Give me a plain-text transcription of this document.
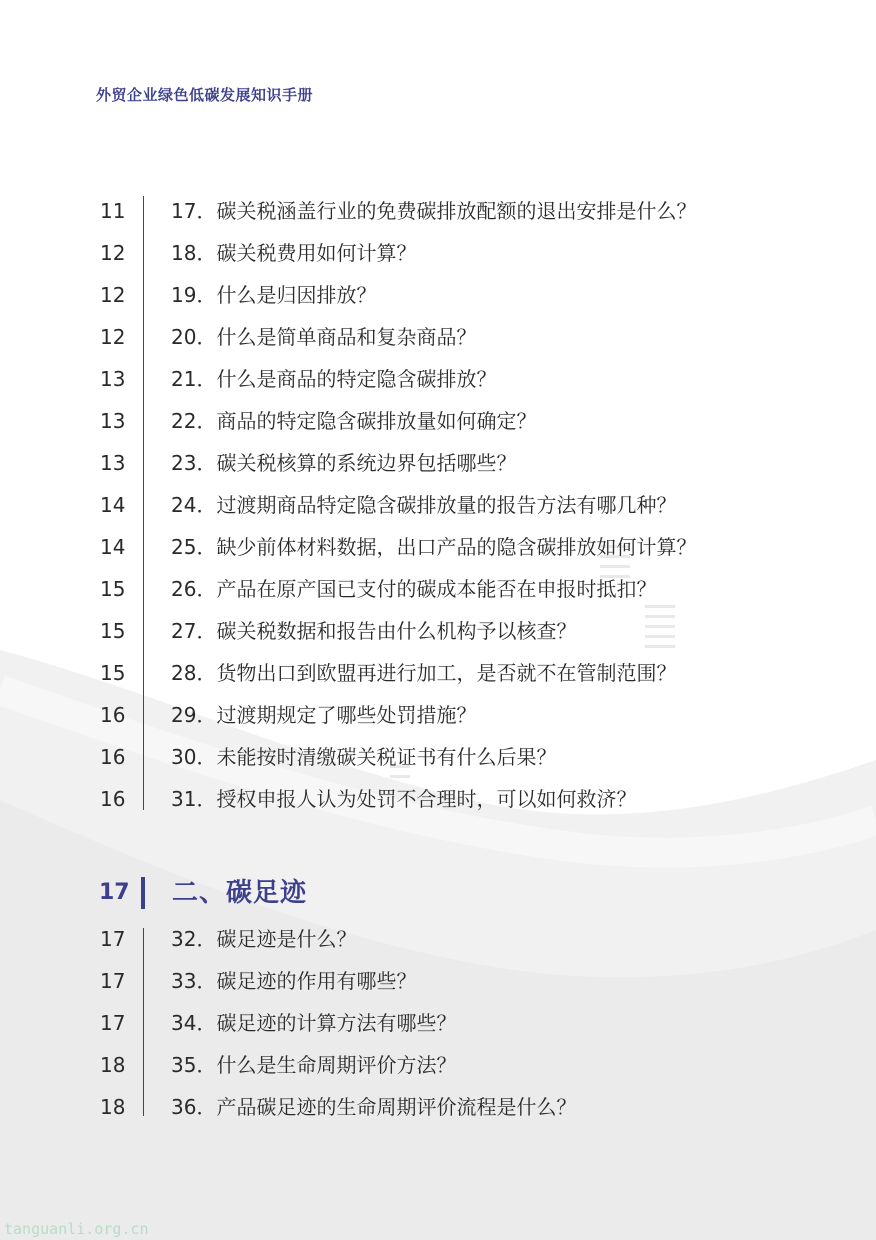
外贸企业绿色低碳发展知识手册
11	17．碳关税涵盖行业的免费碳排放配额的退出安排是什么？
12	18．碳关税费用如何计算？
12	19．什么是归因排放？
12	20．什么是简单商品和复杂商品？
13	21．什么是商品的特定隐含碳排放？
13	22．商品的特定隐含碳排放量如何确定？
13	23．碳关税核算的系统边界包括哪些？
14	24．过渡期商品特定隐含碳排放量的报告方法有哪几种？
14	25．缺少前体材料数据，出口产品的隐含碳排放如何计算？
15	26．产品在原产国已支付的碳成本能否在申报时抵扣？
15	27．碳关税数据和报告由什么机构予以核查？
15	28．货物出口到欧盟再进行加工，是否就不在管制范围？
16	29．过渡期规定了哪些处罚措施？
16	30．未能按时清缴碳关税证书有什么后果？
16	31．授权申报人认为处罚不合理时，可以如何救济？
17 二、碳足迹
17	32．碳足迹是什么？
17	33．碳足迹的作用有哪些？
17	34．碳足迹的计算方法有哪些？
18	35．什么是生命周期评价方法？
18	36．产品碳足迹的生命周期评价流程是什么？
tanguanli.org.cn
